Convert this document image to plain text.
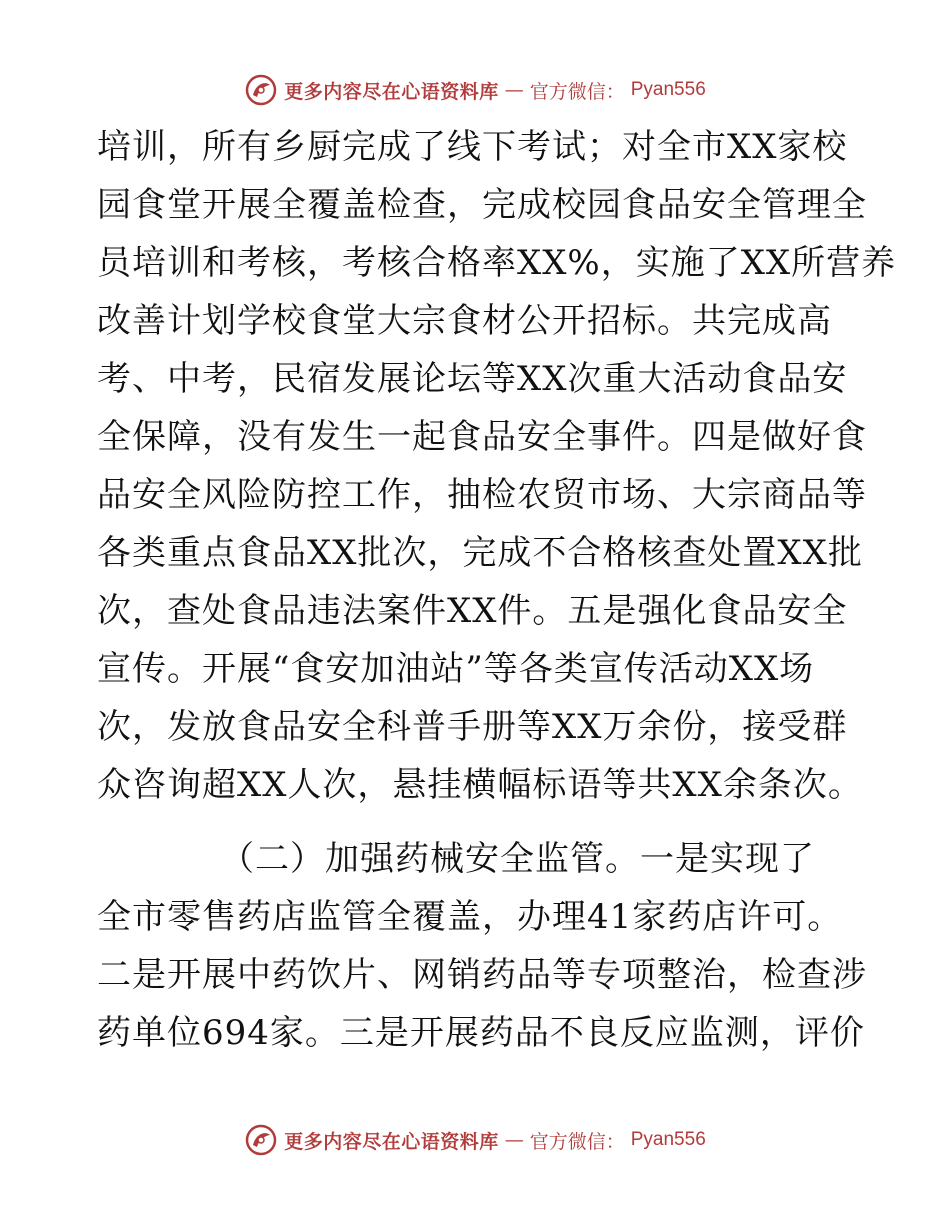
更多内容尽在心语资料库 — 官方微信： Pyan556
培训，所有乡厨完成了线下考试；对全市XX家校
园食堂开展全覆盖检查，完成校园食品安全管理全
员培训和考核，考核合格率XX%，实施了XX所营养
改善计划学校食堂大宗食材公开招标。共完成高
考、中考，民宿发展论坛等XX次重大活动食品安
全保障，没有发生一起食品安全事件。四是做好食
品安全风险防控工作，抽检农贸市场、大宗商品等
各类重点食品XX批次，完成不合格核查处置XX批
次，查处食品违法案件XX件。五是强化食品安全
宣传。开展“食安加油站”等各类宣传活动XX场
次，发放食品安全科普手册等XX万余份，接受群
众咨询超XX人次，悬挂横幅标语等共XX余条次。
　　　　（二）加强药械安全监管。一是实现了
全市零售药店监管全覆盖，办理41家药店许可。
二是开展中药饮片、网销药品等专项整治，检查涉
药单位694家。三是开展药品不良反应监测，评价
更多内容尽在心语资料库 — 官方微信： Pyan556
